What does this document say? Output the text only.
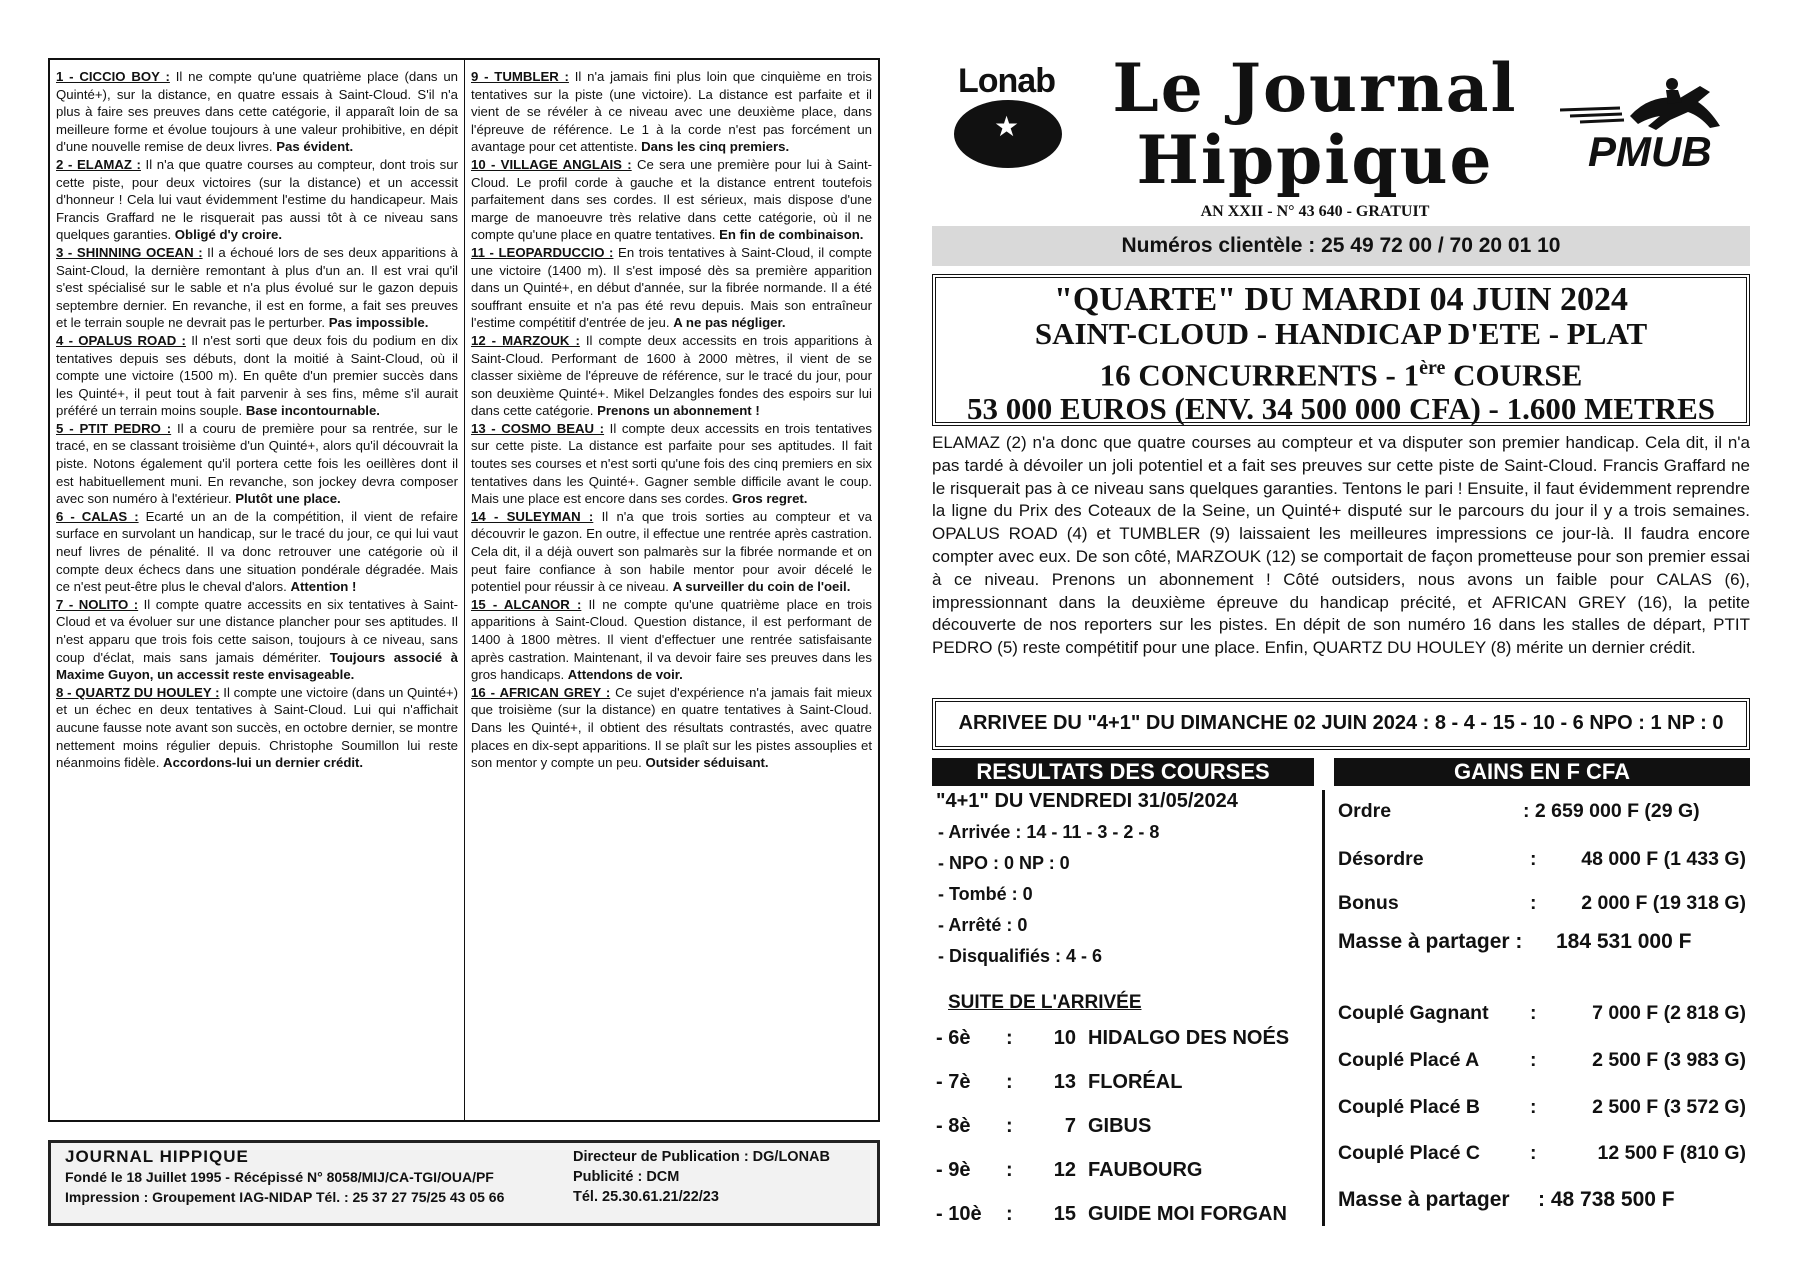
1 - CICCIO BOY : Il ne compte qu'une quatrième place (dans un Quinté+), sur la distance, en quatre essais à Saint-Cloud. S'il n'a plus à faire ses preuves dans cette catégorie, il apparaît loin de sa meilleure forme et évolue toujours à une valeur prohibitive, en dépit d'une nouvelle remise de deux livres. Pas évident.

2 - ELAMAZ : Il n'a que quatre courses au compteur, dont trois sur cette piste, pour deux victoires (sur la distance) et un accessit d'honneur ! Cela lui vaut évidemment l'estime du handicapeur. Mais Francis Graffard ne le risquerait pas aussi tôt à ce niveau sans quelques garanties. Obligé d'y croire.

3 - SHINNING OCEAN : Il a échoué lors de ses deux apparitions à Saint-Cloud, la dernière remontant à plus d'un an. Il est vrai qu'il s'est spécialisé sur le sable et n'a plus évolué sur le gazon depuis septembre dernier. En revanche, il est en forme, a fait ses preuves et le terrain souple ne devrait pas le perturber. Pas impossible.

4 - OPALUS ROAD : Il n'est sorti que deux fois du podium en dix tentatives depuis ses débuts, dont la moitié à Saint-Cloud, où il compte une victoire (1500 m). En quête d'un premier succès dans les Quinté+, il peut tout à fait parvenir à ses fins, même s'il aurait préféré un terrain moins souple. Base incontournable.

5 - PTIT PEDRO : Il a couru de première pour sa rentrée, sur le tracé, en se classant troisième d'un Quinté+, alors qu'il découvrait la piste. Notons également qu'il portera cette fois les oeillères dont il est habituellement muni. En revanche, son jockey devra composer avec son numéro à l'extérieur. Plutôt une place.

6 - CALAS : Ecarté un an de la compétition, il vient de refaire surface en survolant un handicap, sur le tracé du jour, ce qui lui vaut neuf livres de pénalité. Il va donc retrouver une catégorie où il compte deux échecs dans une situation pondérale dégradée. Mais ce n'est peut-être plus le cheval d'alors. Attention !

7 - NOLITO : Il compte quatre accessits en six tentatives à Saint-Cloud et va évoluer sur une distance plancher pour ses aptitudes. Il n'est apparu que trois fois cette saison, toujours à ce niveau, sans coup d'éclat, mais sans jamais démériter. Toujours associé à Maxime Guyon, un accessit reste envisageable.

8 - QUARTZ DU HOULEY : Il compte une victoire (dans un Quinté+) et un échec en deux tentatives à Saint-Cloud. Lui qui n'affichait aucune fausse note avant son succès, en octobre dernier, se montre nettement moins régulier depuis. Christophe Soumillon lui reste néanmoins fidèle. Accordons-lui un dernier crédit.

9 - TUMBLER : Il n'a jamais fini plus loin que cinquième en trois tentatives sur la piste (une victoire). La distance est parfaite et il vient de se révéler à ce niveau avec une deuxième place, dans l'épreuve de référence. Le 1 à la corde n'est pas forcément un avantage pour cet attentiste. Dans les cinq premiers.

10 - VILLAGE ANGLAIS : Ce sera une première pour lui à Saint-Cloud. Le profil corde à gauche et la distance entrent toutefois parfaitement dans ses cordes. Il est sérieux, mais dispose d'une marge de manoeuvre très relative dans cette catégorie, où il ne compte qu'une place en quatre tentatives. En fin de combinaison.

11 - LEOPARDUCCIO : En trois tentatives à Saint-Cloud, il compte une victoire (1400 m). Il s'est imposé dès sa première apparition dans un Quinté+, en début d'année, sur la fibrée normande. Il a été souffrant ensuite et n'a pas été revu depuis. Mais son entraîneur l'estime compétitif d'entrée de jeu. A ne pas négliger.

12 - MARZOUK : Il compte deux accessits en trois apparitions à Saint-Cloud. Performant de 1600 à 2000 mètres, il vient de se classer sixième de l'épreuve de référence, sur le tracé du jour, pour son deuxième Quinté+. Mikel Delzangles fondes des espoirs sur lui dans cette catégorie. Prenons un abonnement !

13 - COSMO BEAU : Il compte deux accessits en trois tentatives sur cette piste. La distance est parfaite pour ses aptitudes. Il fait toutes ses courses et n'est sorti qu'une fois des cinq premiers en six tentatives dans les Quinté+. Gagner semble difficile avant le coup. Mais une place est encore dans ses cordes. Gros regret.

14 - SULEYMAN : Il n'a que trois sorties au compteur et va découvrir le gazon. En outre, il effectue une rentrée après castration. Cela dit, il a déjà ouvert son palmarès sur la fibrée normande et on peut faire confiance à son habile mentor pour avoir décelé le potentiel pour réussir à ce niveau. A surveiller du coin de l'oeil.

15 - ALCANOR : Il ne compte qu'une quatrième place en trois apparitions à Saint-Cloud. Question distance, il est performant de 1400 à 1800 mètres. Il vient d'effectuer une rentrée satisfaisante après castration. Maintenant, il va devoir faire ses preuves dans les gros handicaps. Attendons de voir.

16 - AFRICAN GREY : Ce sujet d'expérience n'a jamais fait mieux que troisième (sur la distance) en quatre tentatives à Saint-Cloud. Dans les Quinté+, il obtient des résultats contrastés, avec quatre places en dix-sept apparitions. Il se plaît sur les pistes assouplies et son mentor y compte un peu. Outsider séduisant.

JOURNAL HIPPIQUE
Fondé le 18 Juillet 1995 - Récépissé N° 8058/MIJ/CA-TGI/OUA/PF
Impression : Groupement IAG-NIDAP Tél. : 25 37 27 75/25 43 05 66
Directeur de Publication : DG/LONAB
Publicité : DCM
Tél. 25.30.61.21/22/23
Lonab
★	Le Journal
Hippique
AN XXII - N° 43 640 - GRATUIT
PMUB
Numéros clientèle : 25 49 72 00 / 70 20 01 10
"QUARTE" DU MARDI 04 JUIN 2024
SAINT-CLOUD - HANDICAP D'ETE - PLAT
16 CONCURRENTS - 1ère COURSE
53 000 EUROS (ENV. 34 500 000 CFA) - 1.600 METRES
ELAMAZ (2) n'a donc que quatre courses au compteur et va disputer son premier handicap. Cela dit, il n'a pas tardé à dévoiler un joli potentiel et a fait ses preuves sur cette piste de Saint-Cloud. Francis Graffard ne le risquerait pas à ce niveau sans quelques garanties. Tentons le pari ! Ensuite, il faut évidemment reprendre la ligne du Prix des Coteaux de la Seine, un Quinté+ disputé sur le parcours du jour il y a trois semaines. OPALUS ROAD (4) et TUMBLER (9) laissaient les meilleures impressions ce jour-là. Il faudra encore compter avec eux. De son côté, MARZOUK (12) se comportait de façon prometteuse pour son premier essai à ce niveau. Prenons un abonnement ! Côté outsiders, nous avons un faible pour CALAS (6), impressionnant dans la deuxième épreuve du handicap précité, et AFRICAN GREY (16), la petite découverte de nos reporters sur les pistes. En dépit de son numéro 16 dans les stalles de départ, PTIT PEDRO (5) reste compétitif pour une place. Enfin, QUARTZ DU HOULEY (8) mérite un dernier crédit.
ARRIVEE DU "4+1" DU DIMANCHE 02 JUIN 2024 : 8 - 4 - 15 - 10 - 6 NPO : 1 NP : 0
RESULTATS DES COURSES	GAINS EN F CFA
"4+1" DU VENDREDI 31/05/2024
- Arrivée : 14 - 11 - 3 - 2 - 8
- NPO : 0 NP : 0
- Tombé : 0
- Arrêté : 0
- Disqualifiés : 4 - 6
SUITE DE L'ARRIVÉE
- 6è	:	10 HIDALGO DES NOÉS
- 7è	:	13 FLORÉAL
- 8è	:	7 GIBUS
- 9è	:	12 FAUBOURG
- 10è	:	15 GUIDE MOI FORGAN
Ordre	: 2 659 000 F (29 G)
Désordre	: 48 000 F (1 433 G)
Bonus	: 2 000 F (19 318 G)
Masse à partager : 184 531 000 F
Couplé Gagnant :	7 000 F (2 818 G)
Couplé Placé A	:	2 500 F (3 983 G)
Couplé Placé B	:	2 500 F (3 572 G)
Couplé Placé C	:	12 500 F (810 G)
Masse à partager : 48 738 500 F
